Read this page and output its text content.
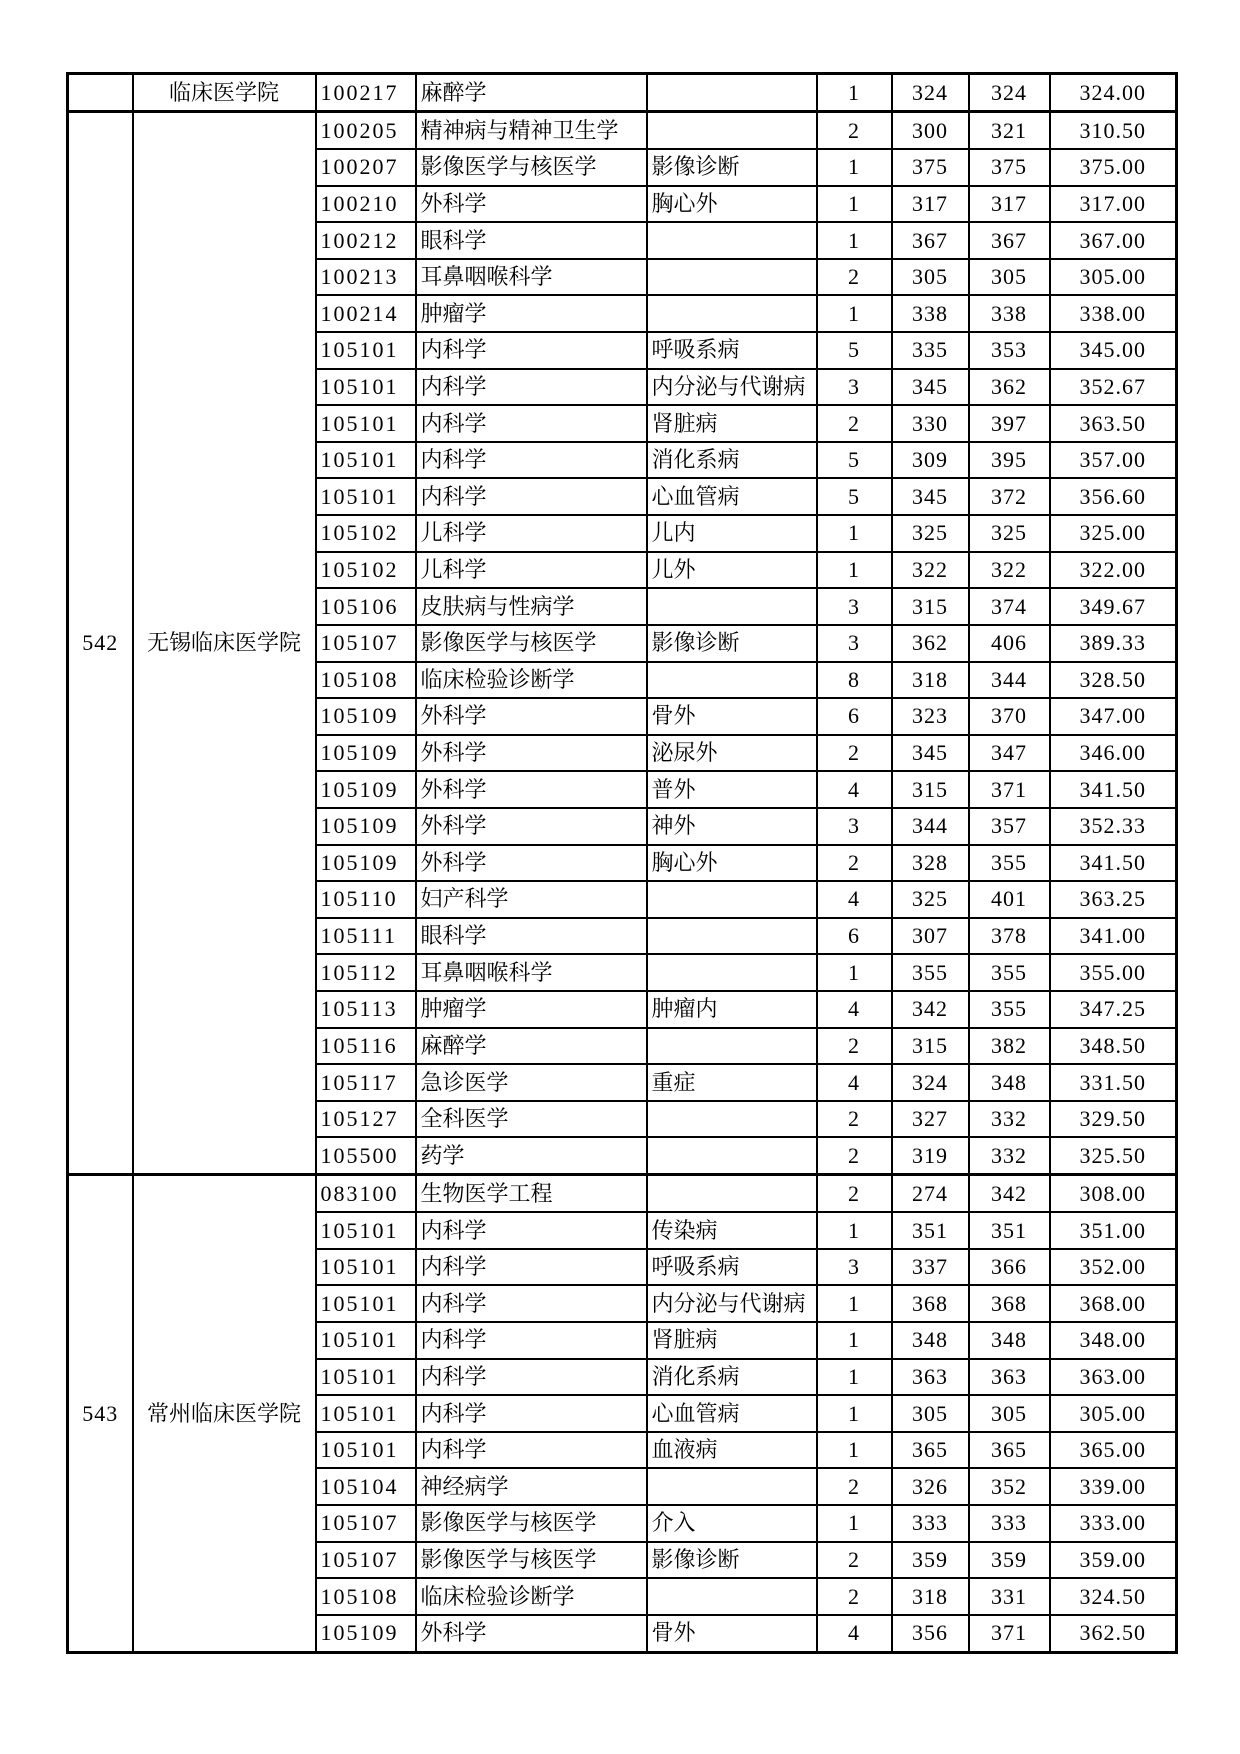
	临床医学院	100217	麻醉学		1	324	324	324.00
542	无锡临床医学院	100205	精神病与精神卫生学		2	300	321	310.50
		100207	影像医学与核医学	影像诊断	1	375	375	375.00
		100210	外科学	胸心外	1	317	317	317.00
		100212	眼科学		1	367	367	367.00
		100213	耳鼻咽喉科学		2	305	305	305.00
		100214	肿瘤学		1	338	338	338.00
		105101	内科学	呼吸系病	5	335	353	345.00
		105101	内科学	内分泌与代谢病	3	345	362	352.67
		105101	内科学	肾脏病	2	330	397	363.50
		105101	内科学	消化系病	5	309	395	357.00
		105101	内科学	心血管病	5	345	372	356.60
		105102	儿科学	儿内	1	325	325	325.00
		105102	儿科学	儿外	1	322	322	322.00
		105106	皮肤病与性病学		3	315	374	349.67
		105107	影像医学与核医学	影像诊断	3	362	406	389.33
		105108	临床检验诊断学		8	318	344	328.50
		105109	外科学	骨外	6	323	370	347.00
		105109	外科学	泌尿外	2	345	347	346.00
		105109	外科学	普外	4	315	371	341.50
		105109	外科学	神外	3	344	357	352.33
		105109	外科学	胸心外	2	328	355	341.50
		105110	妇产科学		4	325	401	363.25
		105111	眼科学		6	307	378	341.00
		105112	耳鼻咽喉科学		1	355	355	355.00
		105113	肿瘤学	肿瘤内	4	342	355	347.25
		105116	麻醉学		2	315	382	348.50
		105117	急诊医学	重症	4	324	348	331.50
		105127	全科医学		2	327	332	329.50
		105500	药学		2	319	332	325.50
543	常州临床医学院	083100	生物医学工程		2	274	342	308.00
		105101	内科学	传染病	1	351	351	351.00
		105101	内科学	呼吸系病	3	337	366	352.00
		105101	内科学	内分泌与代谢病	1	368	368	368.00
		105101	内科学	肾脏病	1	348	348	348.00
		105101	内科学	消化系病	1	363	363	363.00
		105101	内科学	心血管病	1	305	305	305.00
		105101	内科学	血液病	1	365	365	365.00
		105104	神经病学		2	326	352	339.00
		105107	影像医学与核医学	介入	1	333	333	333.00
		105107	影像医学与核医学	影像诊断	2	359	359	359.00
		105108	临床检验诊断学		2	318	331	324.50
		105109	外科学	骨外	4	356	371	362.50
